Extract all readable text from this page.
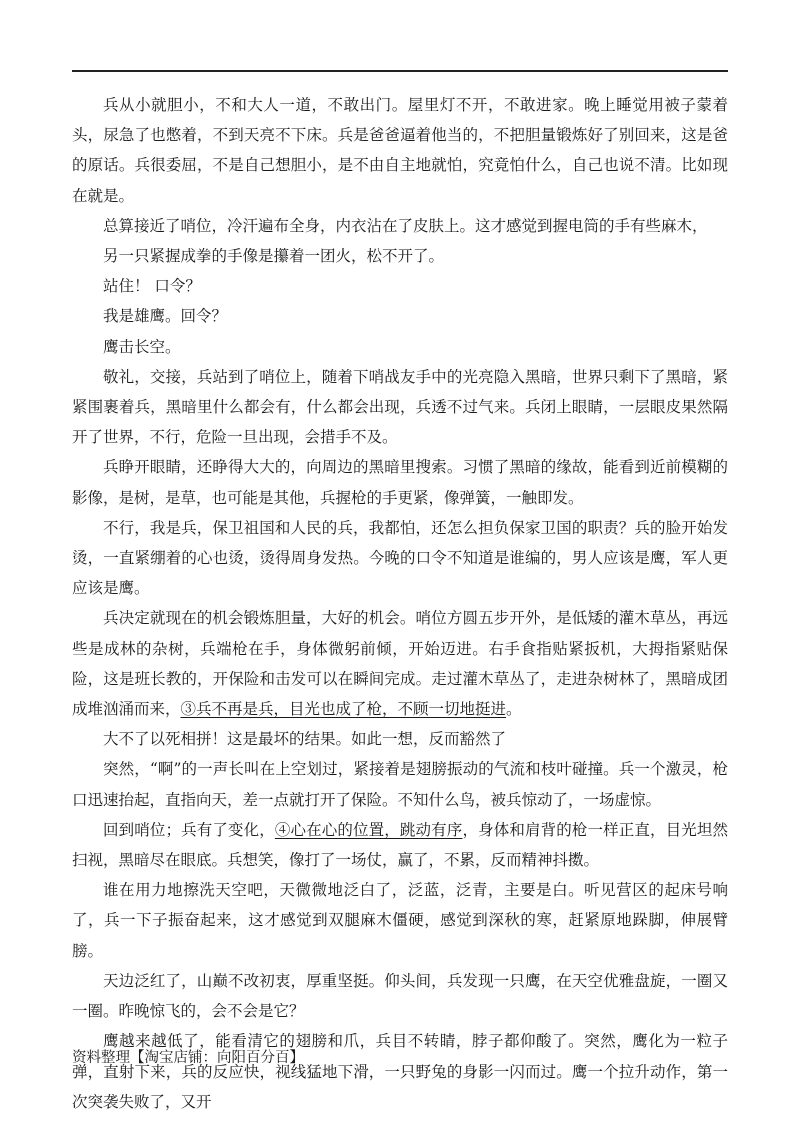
兵从小就胆小，不和大人一道，不敢出门。屋里灯不开，不敢进家。晚上睡觉用被子蒙着头，尿急了也憋着，不到天亮不下床。兵是爸爸逼着他当的，不把胆量锻炼好了别回来，这是爸的原话。兵很委屈，不是自己想胆小，是不由自主地就怕，究竟怕什么，自己也说不清。比如现在就是。

总算接近了哨位，冷汗遍布全身，内衣沾在了皮肤上。这才感觉到握电筒的手有些麻木，

另一只紧握成拳的手像是攥着一团火，松不开了。

站住！ 口令？

我是雄鹰。回令？

鹰击长空。

敬礼，交接，兵站到了哨位上，随着下哨战友手中的光亮隐入黑暗，世界只剩下了黑暗，紧紧围裹着兵，黑暗里什么都会有，什么都会出现，兵透不过气来。兵闭上眼睛，一层眼皮果然隔开了世界，不行，危险一旦出现，会措手不及。

兵睁开眼睛，还睁得大大的，向周边的黑暗里搜索。习惯了黑暗的缘故，能看到近前模糊的影像，是树，是草，也可能是其他，兵握枪的手更紧，像弹簧，一触即发。

不行，我是兵，保卫祖国和人民的兵，我都怕，还怎么担负保家卫国的职责？兵的脸开始发烫，一直紧绷着的心也烫，烫得周身发热。今晚的口令不知道是谁编的，男人应该是鹰，军人更应该是鹰。

兵决定就现在的机会锻炼胆量，大好的机会。哨位方圆五步开外，是低矮的灌木草丛，再远些是成林的杂树，兵端枪在手，身体微躬前倾，开始迈进。右手食指贴紧扳机，大拇指紧贴保险，这是班长教的，开保险和击发可以在瞬间完成。走过灌木草丛了，走进杂树林了，黑暗成团成堆汹涌而来，③兵不再是兵，目光也成了枪，不顾一切地挺进。

大不了以死相拼！这是最坏的结果。如此一想，反而豁然了

突然，“啊”的一声长叫在上空划过，紧接着是翅膀振动的气流和枝叶碰撞。兵一个激灵，枪口迅速抬起，直指向天，差一点就打开了保险。不知什么鸟，被兵惊动了，一场虚惊。

回到哨位；兵有了变化，④心在心的位置，跳动有序，身体和肩背的枪一样正直，目光坦然扫视，黑暗尽在眼底。兵想笑，像打了一场仗，赢了，不累，反而精神抖擞。

谁在用力地擦洗天空吧，天微微地泛白了，泛蓝，泛青，主要是白。听见营区的起床号响了，兵一下子振奋起来，这才感觉到双腿麻木僵硬，感觉到深秋的寒，赶紧原地跺脚，伸展臂膀。

天边泛红了，山巅不改初衷，厚重坚挺。仰头间，兵发现一只鹰，在天空优雅盘旋，一圈又一圈。昨晚惊飞的，会不会是它？

鹰越来越低了，能看清它的翅膀和爪，兵目不转睛，脖子都仰酸了。突然，鹰化为一粒子弹，直射下来，兵的反应快，视线猛地下滑，一只野兔的身影一闪而过。鹰一个拉升动作，第一次突袭失败了，又开

资料整理【淘宝店铺：向阳百分百】
